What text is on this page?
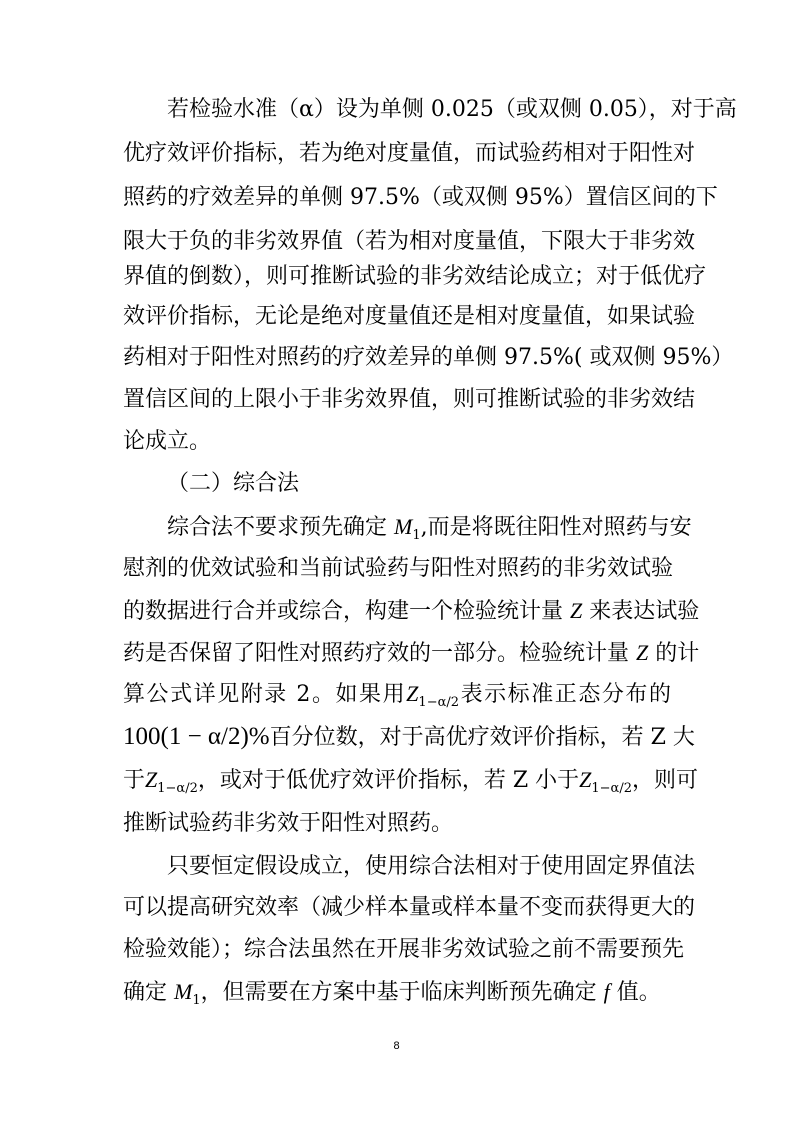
若检验水准（α）设为单侧 0.025（或双侧 0.05），对于高
优疗效评价指标，若为绝对度量值，而试验药相对于阳性对
照药的疗效差异的单侧 97.5%（或双侧 95%）置信区间的下
限大于负的非劣效界值（若为相对度量值，下限大于非劣效
界值的倒数），则可推断试验的非劣效结论成立；对于低优疗
效评价指标，无论是绝对度量值还是相对度量值，如果试验
药相对于阳性对照药的疗效差异的单侧 97.5%( 或双侧 95%）
置信区间的上限小于非劣效界值，则可推断试验的非劣效结
论成立。
（二）综合法
综合法不要求预先确定 $M_1$,而是将既往阳性对照药与安
慰剂的优效试验和当前试验药与阳性对照药的非劣效试验
的数据进行合并或综合，构建一个检验统计量 Z 来表达试验
药是否保留了阳性对照药疗效的一部分。检验统计量 Z 的计
算公式详见附录 2。如果用$Z_{1-\alpha/2}$表示标准正态分布的
100(1 − α/2)%百分位数，对于高优疗效评价指标，若 Z 大
于$Z_{1-\alpha/2}$，或对于低优疗效评价指标，若 Z 小于$Z_{1-\alpha/2}$，则可
推断试验药非劣效于阳性对照药。
只要恒定假设成立，使用综合法相对于使用固定界值法
可以提高研究效率（减少样本量或样本量不变而获得更大的
检验效能）；综合法虽然在开展非劣效试验之前不需要预先
确定 $M_1$，但需要在方案中基于临床判断预先确定 f 值。
8
